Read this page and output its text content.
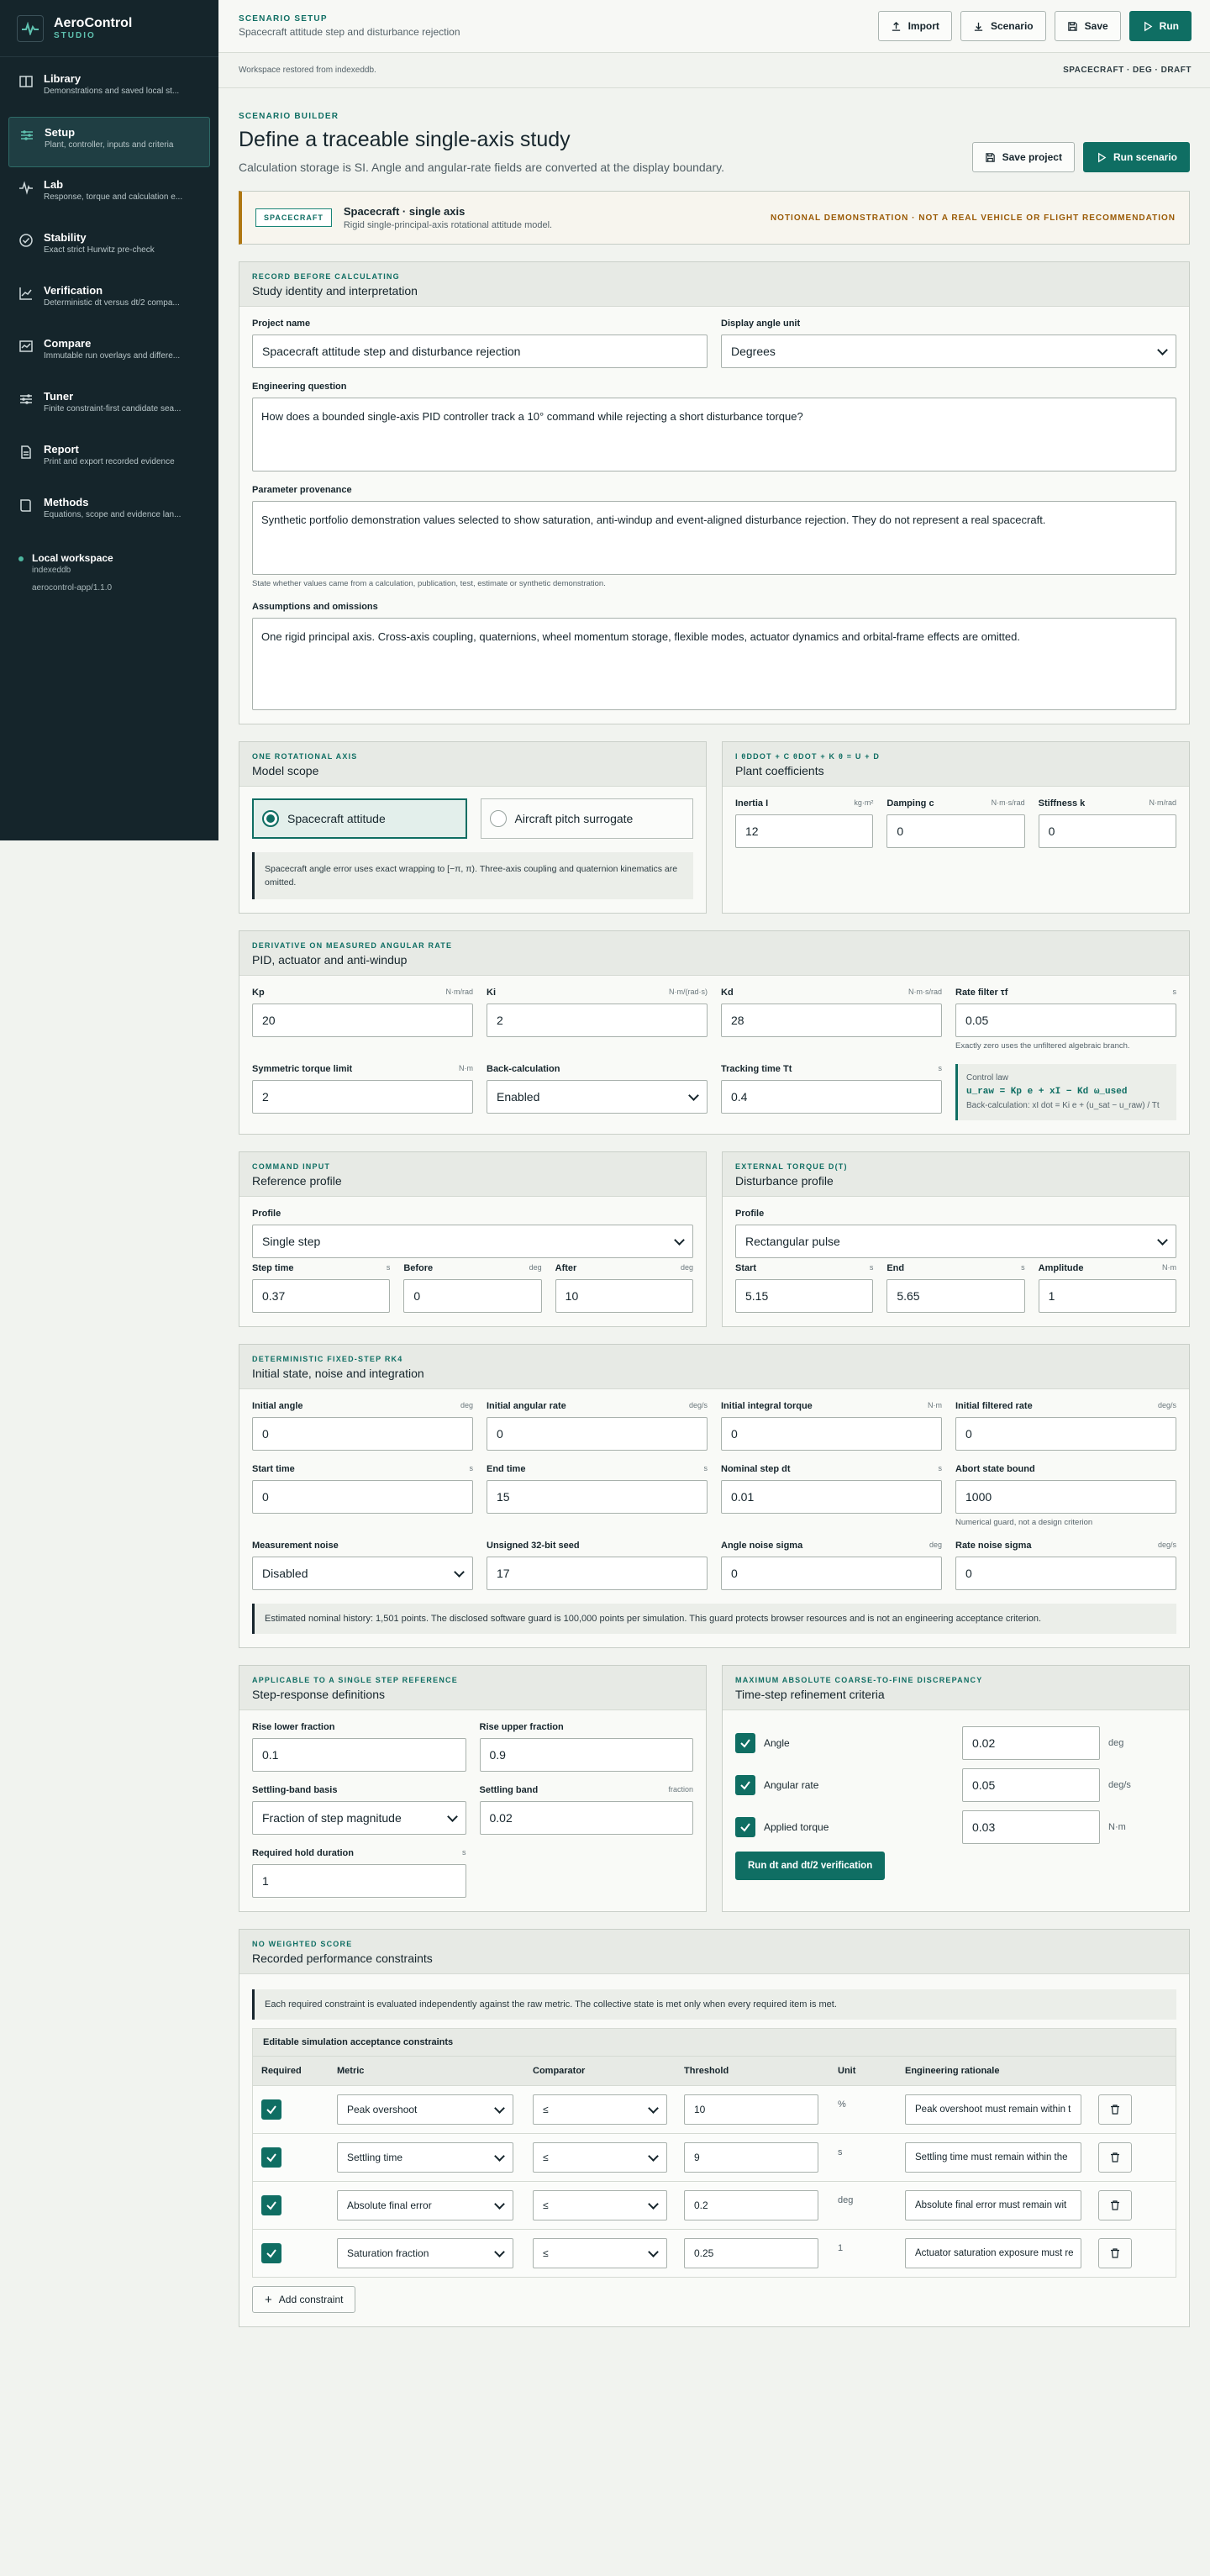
AeroControl
STUDIO
Library
Demonstrations and saved local st...
Setup
Plant, controller, inputs and criteria
Lab
Response, torque and calculation e...
Stability
Exact strict Hurwitz pre-check
Verification
Deterministic dt versus dt/2 compa...
Compare
Immutable run overlays and differe...
Tuner
Finite constraint-first candidate sea...
Report
Print and export recorded evidence
Methods
Equations, scope and evidence lan...
Local workspace
indexeddb
aerocontrol-app/1.1.0
SCENARIO SETUP
Spacecraft attitude step and disturbance rejection	Import	Scenario	Save	Run
Workspace restored from indexeddb.	SPACECRAFT · DEG · DRAFT
SCENARIO BUILDER
Define a traceable single-axis study
Calculation storage is SI. Angle and angular-rate fields are converted at the display boundary.
Save project	Run scenario
SPACECRAFT	Spacecraft · single axis
Rigid single-principal-axis rotational attitude model.
NOTIONAL DEMONSTRATION · NOT A REAL VEHICLE OR FLIGHT RECOMMENDATION
RECORD BEFORE CALCULATING
Study identity and interpretation
Project name
Spacecraft attitude step and disturbance rejection
Display angle unit
Degrees
Engineering question
How does a bounded single-axis PID controller track a 10° command while rejecting a short disturbance torque?
Parameter provenance
Synthetic portfolio demonstration values selected to show saturation, anti-windup and event-aligned disturbance rejection. They do not represent a real spacecraft.
State whether values came from a calculation, publication, test, estimate or synthetic demonstration.
Assumptions and omissions
One rigid principal axis. Cross-axis coupling, quaternions, wheel momentum storage, flexible modes, actuator dynamics and orbital-frame effects are omitted.
ONE ROTATIONAL AXIS
Model scope
Spacecraft attitude	Aircraft pitch surrogate
Spacecraft angle error uses exact wrapping to [−π, π). Three-axis coupling and quaternion kinematics are omitted.
I θDDOT + C θDOT + K θ = U + D
Plant coefficients
Inertia I	kg·m²
12
Damping c	N·m·s/rad
0
Stiffness k	N·m/rad
0
DERIVATIVE ON MEASURED ANGULAR RATE
PID, actuator and anti-windup
Kp	N·m/rad
20
Ki	N·m/(rad·s)
2
Kd	N·m·s/rad
28
Rate filter τf	s
0.05
Exactly zero uses the unfiltered algebraic branch.
Symmetric torque limit	N·m
2
Back-calculation
Enabled
Tracking time Tt	s
0.4
Control law
u_raw = Kp e + xI − Kd ω_used
Back-calculation: xI dot = Ki e + (u_sat − u_raw) / Tt
COMMAND INPUT
Reference profile
Profile
Single step
Step time	s
0.37
Before	deg
0
After	deg
10
EXTERNAL TORQUE D(T)
Disturbance profile
Profile
Rectangular pulse
Start	s
5.15
End	s
5.65
Amplitude	N·m
1
DETERMINISTIC FIXED-STEP RK4
Initial state, noise and integration
Initial angle	deg
0
Initial angular rate	deg/s
0
Initial integral torque	N·m
0
Initial filtered rate	deg/s
0
Start time	s
0
End time	s
15
Nominal step dt	s
0.01
Abort state bound
1000
Numerical guard, not a design criterion
Measurement noise
Disabled
Unsigned 32-bit seed
17
Angle noise sigma	deg
0
Rate noise sigma	deg/s
0
Estimated nominal history: 1,501 points. The disclosed software guard is 100,000 points per simulation. This guard protects browser resources and is not an engineering acceptance criterion.
APPLICABLE TO A SINGLE STEP REFERENCE
Step-response definitions
Rise lower fraction
0.1
Rise upper fraction
0.9
Settling-band basis
Fraction of step magnitude
Settling band	fraction
0.02
Required hold duration	s
1
MAXIMUM ABSOLUTE COARSE-TO-FINE DISCREPANCY
Time-step refinement criteria
Angle	0.02	deg
Angular rate	0.05	deg/s
Applied torque	0.03	N·m
Run dt and dt/2 verification
NO WEIGHTED SCORE
Recorded performance constraints
Each required constraint is evaluated independently against the raw metric. The collective state is met only when every required item is met.
Editable simulation acceptance constraints
Required	Metric	Comparator	Threshold	Unit	Engineering rationale
Peak overshoot	≤	10	%	Peak overshoot must remain within t
Settling time	≤	9	s	Settling time must remain within the
Absolute final error	≤	0.2	deg	Absolute final error must remain wit
Saturation fraction	≤	0.25	1	Actuator saturation exposure must re
+ Add constraint
